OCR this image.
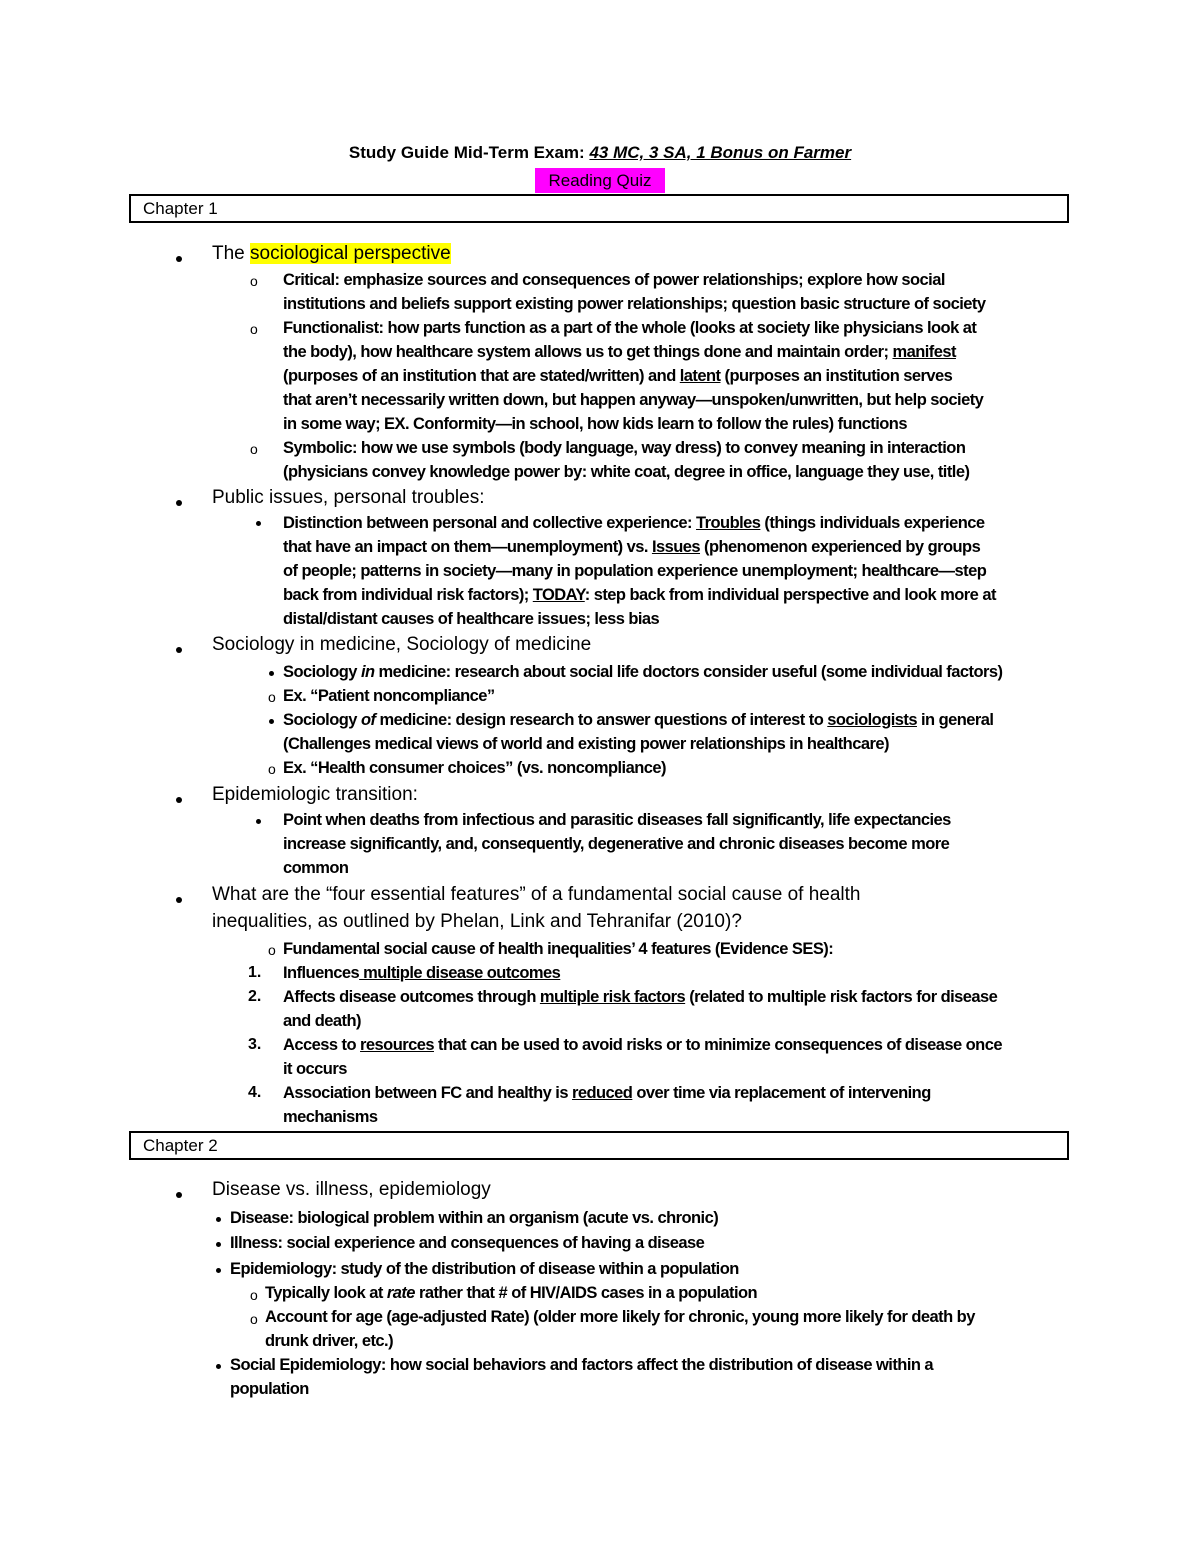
Study Guide Mid-Term Exam: 43 MC, 3 SA, 1 Bonus on Farmer
Reading Quiz
Chapter 1
The sociological perspective
o Critical: emphasize sources and consequences of power relationships; explore how social
institutions and beliefs support existing power relationships; question basic structure of society
o Functionalist: how parts function as a part of the whole (looks at society like physicians look at
the body), how healthcare system allows us to get things done and maintain order; manifest
(purposes of an institution that are stated/written) and latent (purposes an institution serves
that aren’t necessarily written down, but happen anyway—unspoken/unwritten, but help society
in some way; EX. Conformity—in school, how kids learn to follow the rules) functions
o Symbolic: how we use symbols (body language, way dress) to convey meaning in interaction
(physicians convey knowledge power by: white coat, degree in office, language they use, title)
Public issues, personal troubles:
Distinction between personal and collective experience: Troubles (things individuals experience
that have an impact on them—unemployment) vs. Issues (phenomenon experienced by groups
of people; patterns in society—many in population experience unemployment; healthcare—step
back from individual risk factors); TODAY: step back from individual perspective and look more at
distal/distant causes of healthcare issues; less bias
Sociology in medicine, Sociology of medicine
Sociology in medicine: research about social life doctors consider useful (some individual factors)
o Ex. “Patient noncompliance”
Sociology of medicine: design research to answer questions of interest to sociologists in general
(Challenges medical views of world and existing power relationships in healthcare)
o Ex. “Health consumer choices” (vs. noncompliance)
Epidemiologic transition:
Point when deaths from infectious and parasitic diseases fall significantly, life expectancies
increase significantly, and, consequently, degenerative and chronic diseases become more
common
What are the “four essential features” of a fundamental social cause of health
inequalities, as outlined by Phelan, Link and Tehranifar (2010)?
o Fundamental social cause of health inequalities’ 4 features (Evidence SES):
1. Influences multiple disease outcomes
2. Affects disease outcomes through multiple risk factors (related to multiple risk factors for disease
and death)
3. Access to resources that can be used to avoid risks or to minimize consequences of disease once
it occurs
4. Association between FC and healthy is reduced over time via replacement of intervening
mechanisms
Chapter 2
Disease vs. illness, epidemiology
Disease: biological problem within an organism (acute vs. chronic)
Illness: social experience and consequences of having a disease
Epidemiology: study of the distribution of disease within a population
o Typically look at rate rather that # of HIV/AIDS cases in a population
o Account for age (age-adjusted Rate) (older more likely for chronic, young more likely for death by
drunk driver, etc.)
Social Epidemiology: how social behaviors and factors affect the distribution of disease within a
population
